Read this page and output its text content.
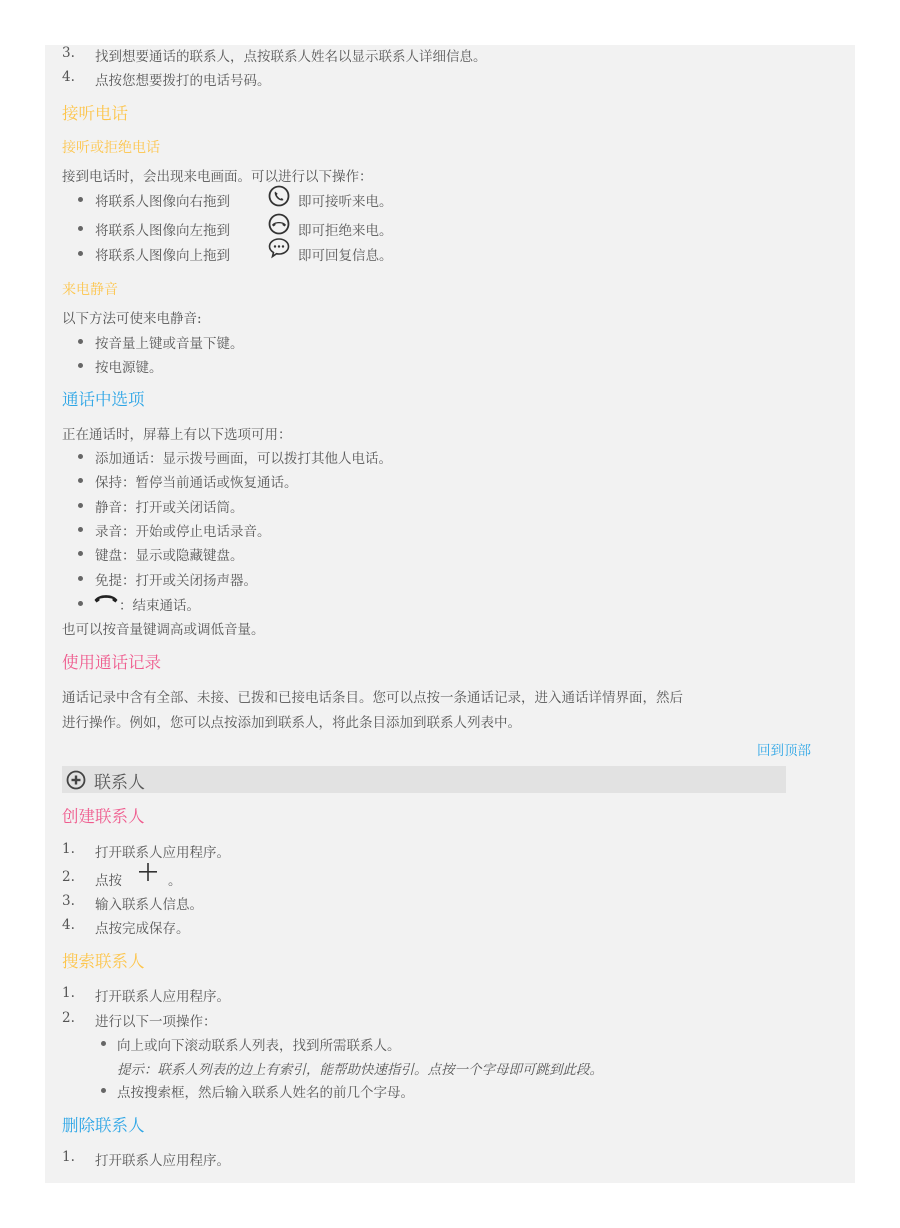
3. 找到想要通话的联系人，点按联系人姓名以显示联系人详细信息。
4. 点按您想要拨打的电话号码。
接听电话
接听或拒绝电话
接到电话时，会出现来电画面。可以进行以下操作：
将联系人图像向右拖到	即可接听来电。
将联系人图像向左拖到	即可拒绝来电。
将联系人图像向上拖到	即可回复信息。
来电静音
以下方法可使来电静音:
按音量上键或音量下键。
按电源键。
通话中选项
正在通话时，屏幕上有以下选项可用：
添加通话：显示拨号画面，可以拨打其他人电话。
保持：暂停当前通话或恢复通话。
静音：打开或关闭话筒。
录音：开始或停止电话录音。
键盘：显示或隐藏键盘。
免提：打开或关闭扬声器。
：结束通话。
也可以按音量键调高或调低音量。
使用通话记录
通话记录中含有全部、未接、已拨和已接电话条目。您可以点按一条通话记录，进入通话详情界面，然后
进行操作。例如，您可以点按添加到联系人，将此条目添加到联系人列表中。
回到顶部
联系人
创建联系人
1. 打开联系人应用程序。
2. 点按	。
3. 输入联系人信息。
4. 点按完成保存。
搜索联系人
1. 打开联系人应用程序。
2. 进行以下一项操作：
向上或向下滚动联系人列表，找到所需联系人。
提示：联系人列表的边上有索引，能帮助快速指引。点按一个字母即可跳到此段。
点按搜索框，然后输入联系人姓名的前几个字母。
删除联系人
1. 打开联系人应用程序。
